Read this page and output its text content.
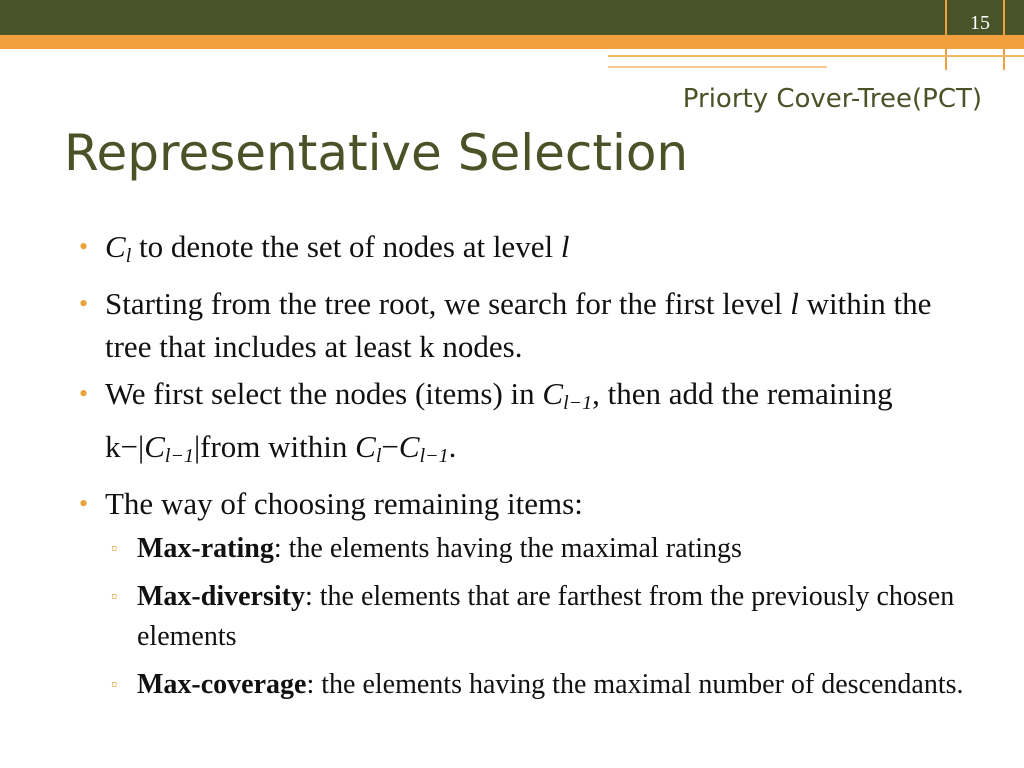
15
Priorty Cover-Tree(PCT)
Representative Selection
• $C_l$ to denote the set of nodes at level l
• Starting from the tree root, we search for the first level l within the tree that includes at least k nodes.
• We first select the nodes (items) in $C_{l-1}$, then add the remaining $k-|C_{l-1}|from$ within $C_l-C_{l-1}$.
• The way of choosing remaining items:
▫ Max-rating: the elements having the maximal ratings
▫ Max-diversity: the elements that are farthest from the previously chosen elements
▫ Max-coverage: the elements having the maximal number of descendants.
